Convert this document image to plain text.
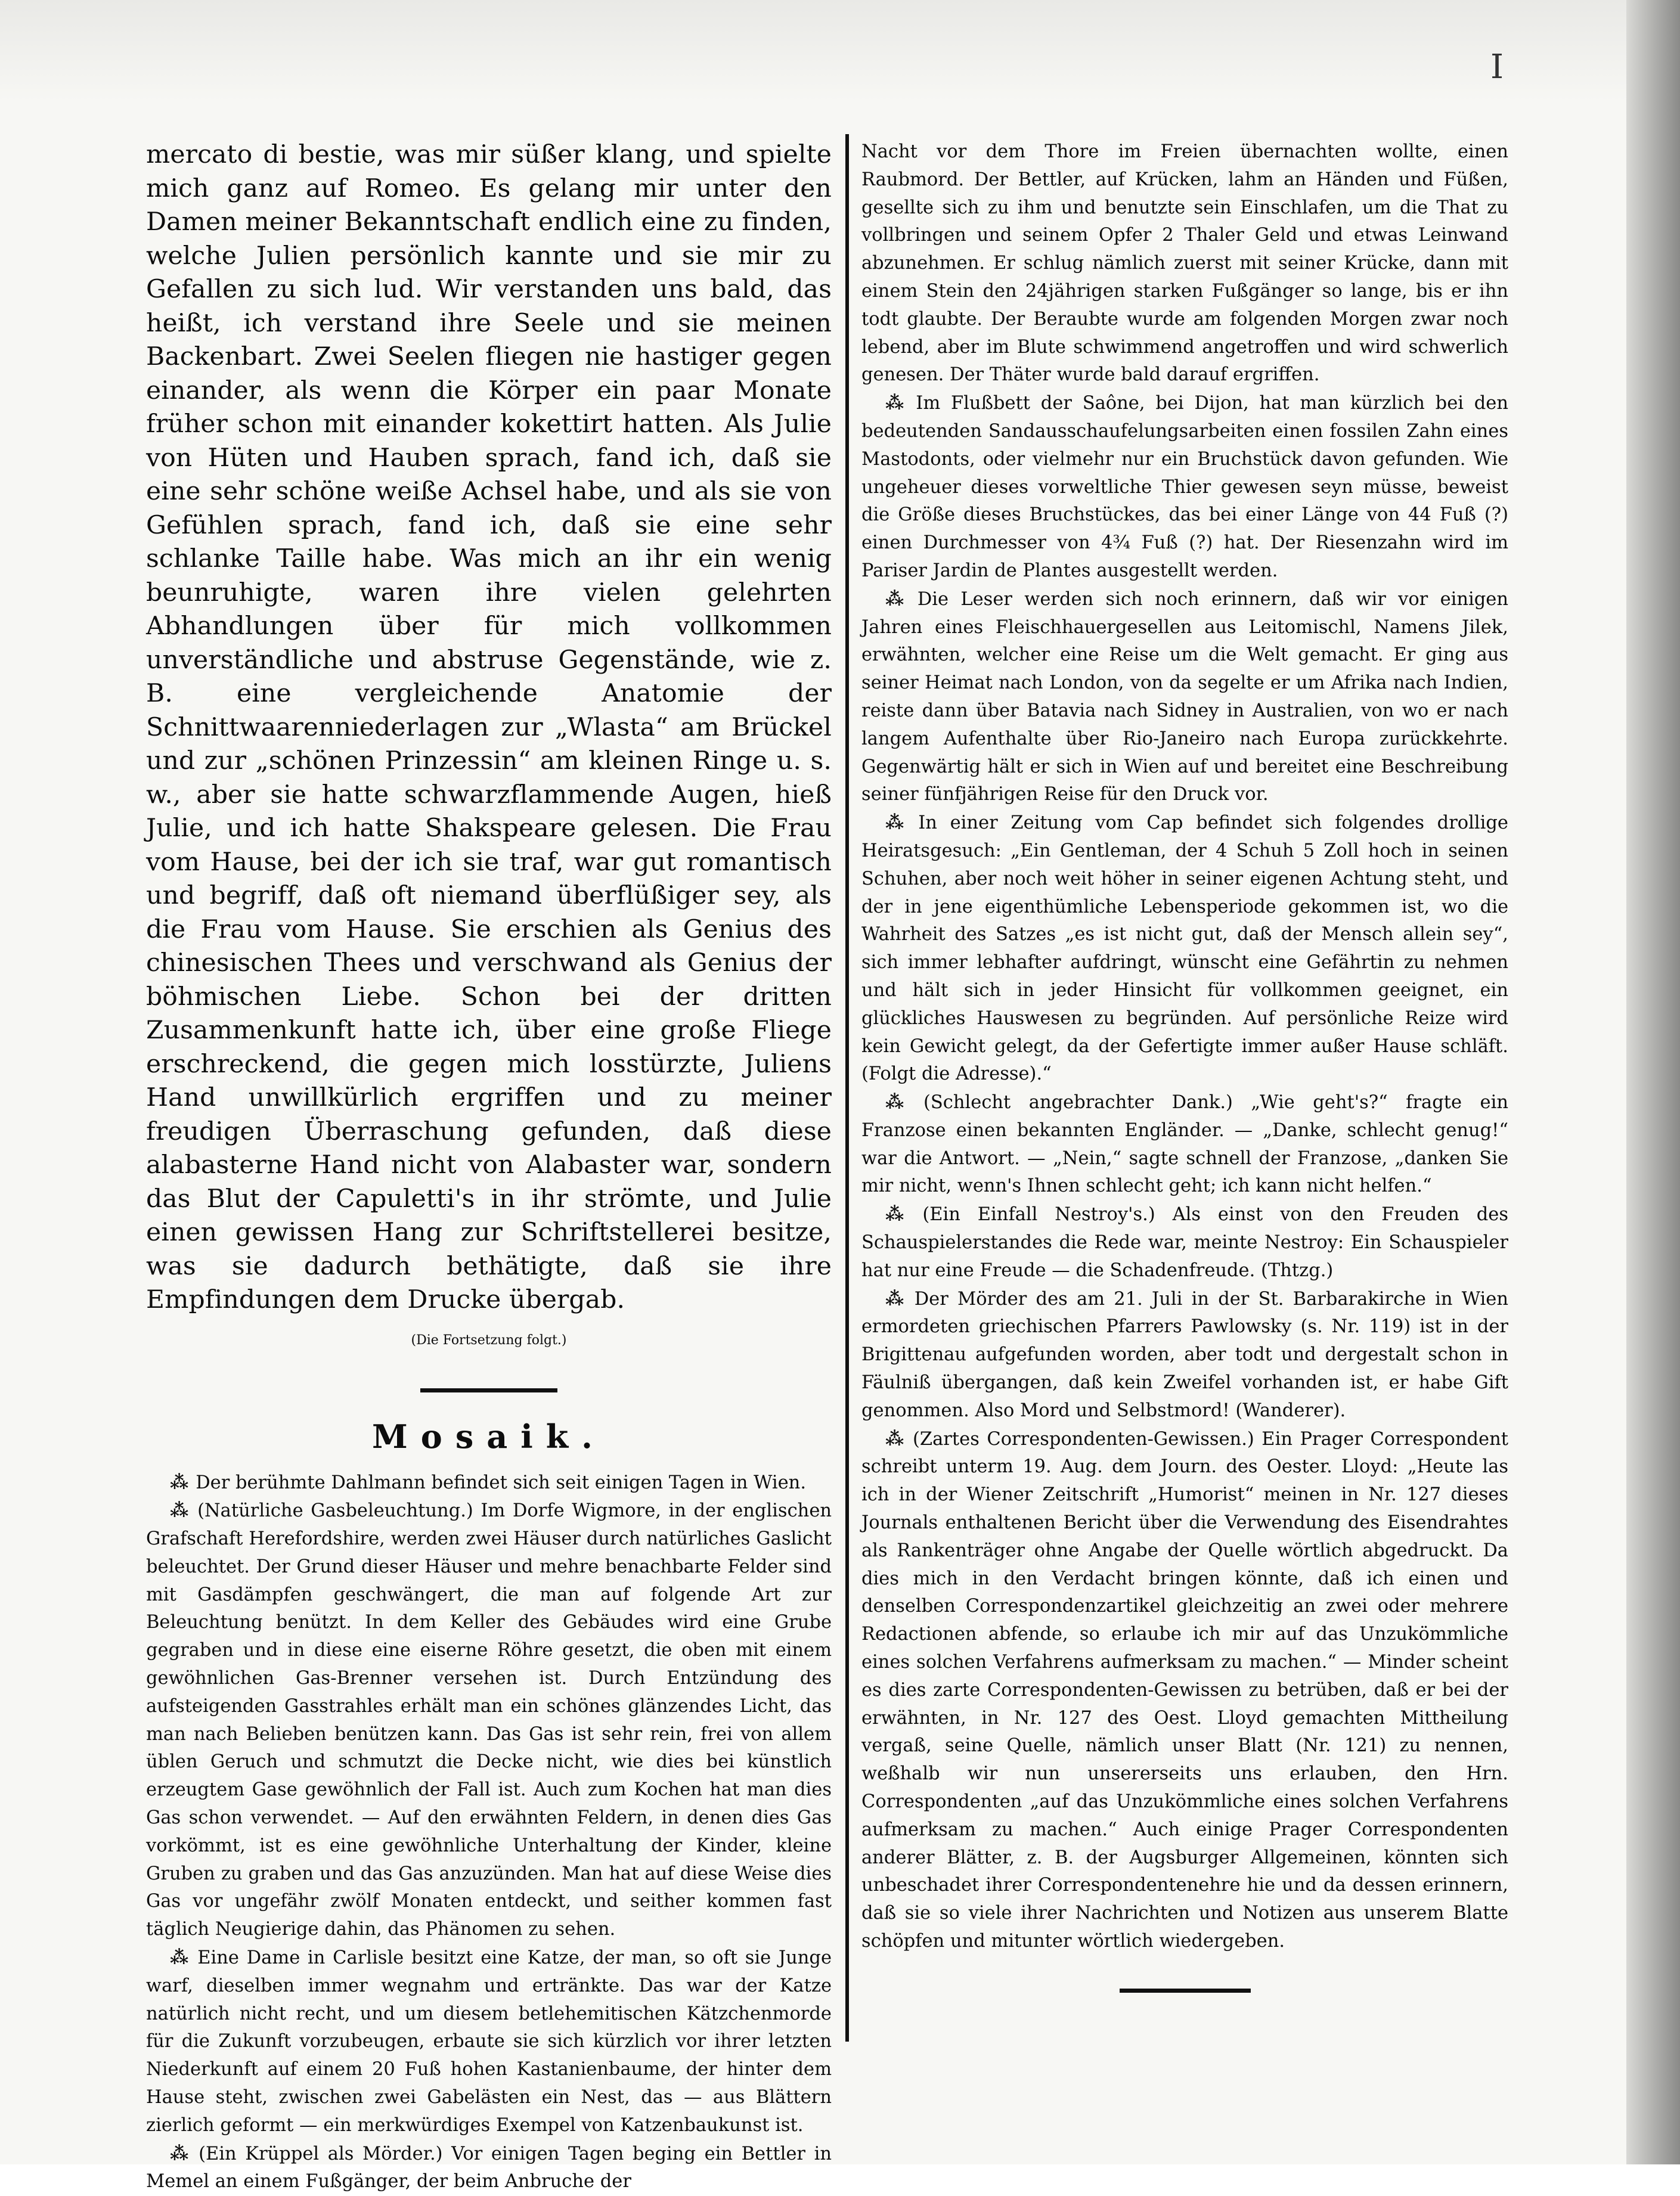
I

mercato di bestie, was mir süßer klang, und spielte mich ganz auf Romeo. Es gelang mir unter den Damen meiner Bekanntschaft endlich eine zu finden, welche Julien persönlich kannte und sie mir zu Gefallen zu sich lud. Wir verstanden uns bald, das heißt, ich verstand ihre Seele und sie meinen Backenbart. Zwei Seelen fliegen nie hastiger gegen einander, als wenn die Körper ein paar Monate früher schon mit einander kokettirt hatten. Als Julie von Hüten und Hauben sprach, fand ich, daß sie eine sehr schöne weiße Achsel habe, und als sie von Gefühlen sprach, fand ich, daß sie eine sehr schlanke Taille habe. Was mich an ihr ein wenig beunruhigte, waren ihre vielen gelehrten Abhandlungen über für mich vollkommen unverständliche und abstruse Gegenstände, wie z. B. eine vergleichende Anatomie der Schnittwaarenniederlagen zur „Wlasta“ am Brückel und zur „schönen Prinzessin“ am kleinen Ringe u. s. w., aber sie hatte schwarzflammende Augen, hieß Julie, und ich hatte Shakspeare gelesen. Die Frau vom Hause, bei der ich sie traf, war gut romantisch und begriff, daß oft niemand überflüßiger sey, als die Frau vom Hause. Sie erschien als Genius des chinesischen Thees und verschwand als Genius der böhmischen Liebe. Schon bei der dritten Zusammenkunft hatte ich, über eine große Fliege erschreckend, die gegen mich losstürzte, Juliens Hand unwillkürlich ergriffen und zu meiner freudigen Überraschung gefunden, daß diese alabasterne Hand nicht von Alabaster war, sondern das Blut der Capuletti's in ihr strömte, und Julie einen gewissen Hang zur Schriftstellerei besitze, was sie dadurch bethätigte, daß sie ihre Empfindungen dem Drucke übergab.

(Die Fortsetzung folgt.)

Mosaik.

⁂ Der berühmte Dahlmann befindet sich seit einigen Tagen in Wien.

⁂ (Natürliche Gasbeleuchtung.) Im Dorfe Wigmore, in der englischen Grafschaft Herefordshire, werden zwei Häuser durch natürliches Gaslicht beleuchtet. Der Grund dieser Häuser und mehre benachbarte Felder sind mit Gasdämpfen geschwängert, die man auf folgende Art zur Beleuchtung benützt. In dem Keller des Gebäudes wird eine Grube gegraben und in diese eine eiserne Röhre gesetzt, die oben mit einem gewöhnlichen Gas-Brenner versehen ist. Durch Entzündung des aufsteigenden Gasstrahles erhält man ein schönes glänzendes Licht, das man nach Belieben benützen kann. Das Gas ist sehr rein, frei von allem üblen Geruch und schmutzt die Decke nicht, wie dies bei künstlich erzeugtem Gase gewöhnlich der Fall ist. Auch zum Kochen hat man dies Gas schon verwendet. — Auf den erwähnten Feldern, in denen dies Gas vorkömmt, ist es eine gewöhnliche Unterhaltung der Kinder, kleine Gruben zu graben und das Gas anzuzünden. Man hat auf diese Weise dies Gas vor ungefähr zwölf Monaten entdeckt, und seither kommen fast täglich Neugierige dahin, das Phänomen zu sehen.

⁂ Eine Dame in Carlisle besitzt eine Katze, der man, so oft sie Junge warf, dieselben immer wegnahm und ertränkte. Das war der Katze natürlich nicht recht, und um diesem betlehemitischen Kätzchenmorde für die Zukunft vorzubeugen, erbaute sie sich kürzlich vor ihrer letzten Niederkunft auf einem 20 Fuß hohen Kastanienbaume, der hinter dem Hause steht, zwischen zwei Gabelästen ein Nest, das — aus Blättern zierlich geformt — ein merkwürdiges Exempel von Katzenbaukunst ist.

⁂ (Ein Krüppel als Mörder.) Vor einigen Tagen beging ein Bettler in Memel an einem Fußgänger, der beim Anbruche der

Nacht vor dem Thore im Freien übernachten wollte, einen Raubmord. Der Bettler, auf Krücken, lahm an Händen und Füßen, gesellte sich zu ihm und benutzte sein Einschlafen, um die That zu vollbringen und seinem Opfer 2 Thaler Geld und etwas Leinwand abzunehmen. Er schlug nämlich zuerst mit seiner Krücke, dann mit einem Stein den 24jährigen starken Fußgänger so lange, bis er ihn todt glaubte. Der Beraubte wurde am folgenden Morgen zwar noch lebend, aber im Blute schwimmend angetroffen und wird schwerlich genesen. Der Thäter wurde bald darauf ergriffen.

⁂ Im Flußbett der Saône, bei Dijon, hat man kürzlich bei den bedeutenden Sandausschaufelungsarbeiten einen fossilen Zahn eines Mastodonts, oder vielmehr nur ein Bruchstück davon gefunden. Wie ungeheuer dieses vorweltliche Thier gewesen seyn müsse, beweist die Größe dieses Bruchstückes, das bei einer Länge von 44 Fuß (?) einen Durchmesser von 4¾ Fuß (?) hat. Der Riesenzahn wird im Pariser Jardin de Plantes ausgestellt werden.

⁂ Die Leser werden sich noch erinnern, daß wir vor einigen Jahren eines Fleischhauergesellen aus Leitomischl, Namens Jilek, erwähnten, welcher eine Reise um die Welt gemacht. Er ging aus seiner Heimat nach London, von da segelte er um Afrika nach Indien, reiste dann über Batavia nach Sidney in Australien, von wo er nach langem Aufenthalte über Rio-Janeiro nach Europa zurückkehrte. Gegenwärtig hält er sich in Wien auf und bereitet eine Beschreibung seiner fünfjährigen Reise für den Druck vor.

⁂ In einer Zeitung vom Cap befindet sich folgendes drollige Heiratsgesuch: „Ein Gentleman, der 4 Schuh 5 Zoll hoch in seinen Schuhen, aber noch weit höher in seiner eigenen Achtung steht, und der in jene eigenthümliche Lebensperiode gekommen ist, wo die Wahrheit des Satzes „es ist nicht gut, daß der Mensch allein sey“, sich immer lebhafter aufdringt, wünscht eine Gefährtin zu nehmen und hält sich in jeder Hinsicht für vollkommen geeignet, ein glückliches Hauswesen zu begründen. Auf persönliche Reize wird kein Gewicht gelegt, da der Gefertigte immer außer Hause schläft. (Folgt die Adresse).“

⁂ (Schlecht angebrachter Dank.) „Wie geht's?“ fragte ein Franzose einen bekannten Engländer. — „Danke, schlecht genug!“ war die Antwort. — „Nein,“ sagte schnell der Franzose, „danken Sie mir nicht, wenn's Ihnen schlecht geht; ich kann nicht helfen.“

⁂ (Ein Einfall Nestroy's.) Als einst von den Freuden des Schauspielerstandes die Rede war, meinte Nestroy: Ein Schauspieler hat nur eine Freude — die Schadenfreude. (Thtzg.)

⁂ Der Mörder des am 21. Juli in der St. Barbarakirche in Wien ermordeten griechischen Pfarrers Pawlowsky (s. Nr. 119) ist in der Brigittenau aufgefunden worden, aber todt und dergestalt schon in Fäulniß übergangen, daß kein Zweifel vorhanden ist, er habe Gift genommen. Also Mord und Selbstmord! (Wanderer).

⁂ (Zartes Correspondenten-Gewissen.) Ein Prager Correspondent schreibt unterm 19. Aug. dem Journ. des Oester. Lloyd: „Heute las ich in der Wiener Zeitschrift „Humorist“ meinen in Nr. 127 dieses Journals enthaltenen Bericht über die Verwendung des Eisendrahtes als Rankenträger ohne Angabe der Quelle wörtlich abgedruckt. Da dies mich in den Verdacht bringen könnte, daß ich einen und denselben Correspondenzartikel gleichzeitig an zwei oder mehrere Redactionen abfende, so erlaube ich mir auf das Unzukömmliche eines solchen Verfahrens aufmerksam zu machen.“ — Minder scheint es dies zarte Correspondenten-Gewissen zu betrüben, daß er bei der erwähnten, in Nr. 127 des Oest. Lloyd gemachten Mittheilung vergaß, seine Quelle, nämlich unser Blatt (Nr. 121) zu nennen, weßhalb wir nun unsererseits uns erlauben, den Hrn. Correspondenten „auf das Unzukömmliche eines solchen Verfahrens aufmerksam zu machen.“ Auch einige Prager Correspondenten anderer Blätter, z. B. der Augsburger Allgemeinen, könnten sich unbeschadet ihrer Correspondentenehre hie und da dessen erinnern, daß sie so viele ihrer Nachrichten und Notizen aus unserem Blatte schöpfen und mitunter wörtlich wiedergeben.
